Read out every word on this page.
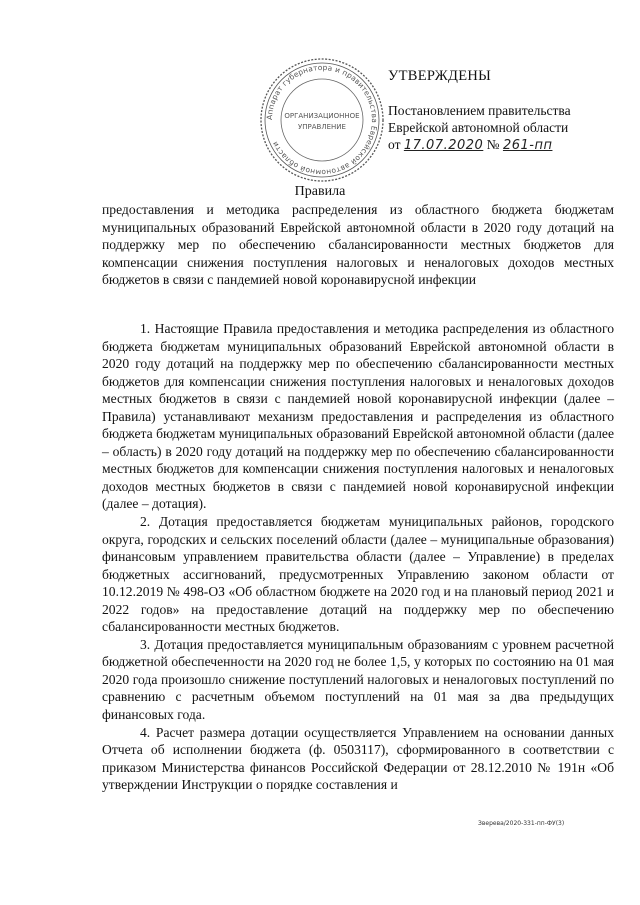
Аппарат губернатора и правительства Еврейской автономной области
ОРГАНИЗАЦИОННОЕ
УПРАВЛЕНИЕ

УТВЕРЖДЕНЫ

Постановлением правительства

Еврейской автономной области

от 17.07.2020 № 261-пп

Правила
предоставления и методика распределения из областного бюджета бюджетам муниципальных образований Еврейской автономной области в 2020 году дотаций на поддержку мер по обеспечению сбалансированности местных бюджетов для компенсации снижения поступления налоговых и неналоговых доходов местных бюджетов в связи с пандемией новой коронавирусной инфекции

1. Настоящие Правила предоставления и методика распределения из областного бюджета бюджетам муниципальных образований Еврейской автономной области в 2020 году дотаций на поддержку мер по обеспечению сбалансированности местных бюджетов для компенсации снижения поступления налоговых и неналоговых доходов местных бюджетов в связи с пандемией новой коронавирусной инфекции (далее – Правила) устанавливают механизм предоставления и распределения из областного бюджета бюджетам муниципальных образований Еврейской автономной области (далее – область) в 2020 году дотаций на поддержку мер по обеспечению сбалансированности местных бюджетов для компенсации снижения поступления налоговых и неналоговых доходов местных бюджетов в связи с пандемией новой коронавирусной инфекции (далее – дотация).

2. Дотация предоставляется бюджетам муниципальных районов, городского округа, городских и сельских поселений области (далее – муниципальные образования) финансовым управлением правительства области (далее – Управление) в пределах бюджетных ассигнований, предусмотренных Управлению законом области от 10.12.2019 № 498-ОЗ «Об областном бюджете на 2020 год и на плановый период 2021 и 2022 годов» на предоставление дотаций на поддержку мер по обеспечению сбалансированности местных бюджетов.

3. Дотация предоставляется муниципальным образованиям с уровнем расчетной бюджетной обеспеченности на 2020 год не более 1,5, у которых по состоянию на 01 мая 2020 года произошло снижение поступлений налоговых и неналоговых поступлений по сравнению с расчетным объемом поступлений на 01 мая за два предыдущих финансовых года.

4. Расчет размера дотации осуществляется Управлением на основании данных Отчета об исполнении бюджета (ф. 0503117), сформированного в соответствии с приказом Министерства финансов Российской Федерации от 28.12.2010 № 191н «Об утверждении Инструкции о порядке составления и

Зверева/2020-331-пп-ФУ(3)
